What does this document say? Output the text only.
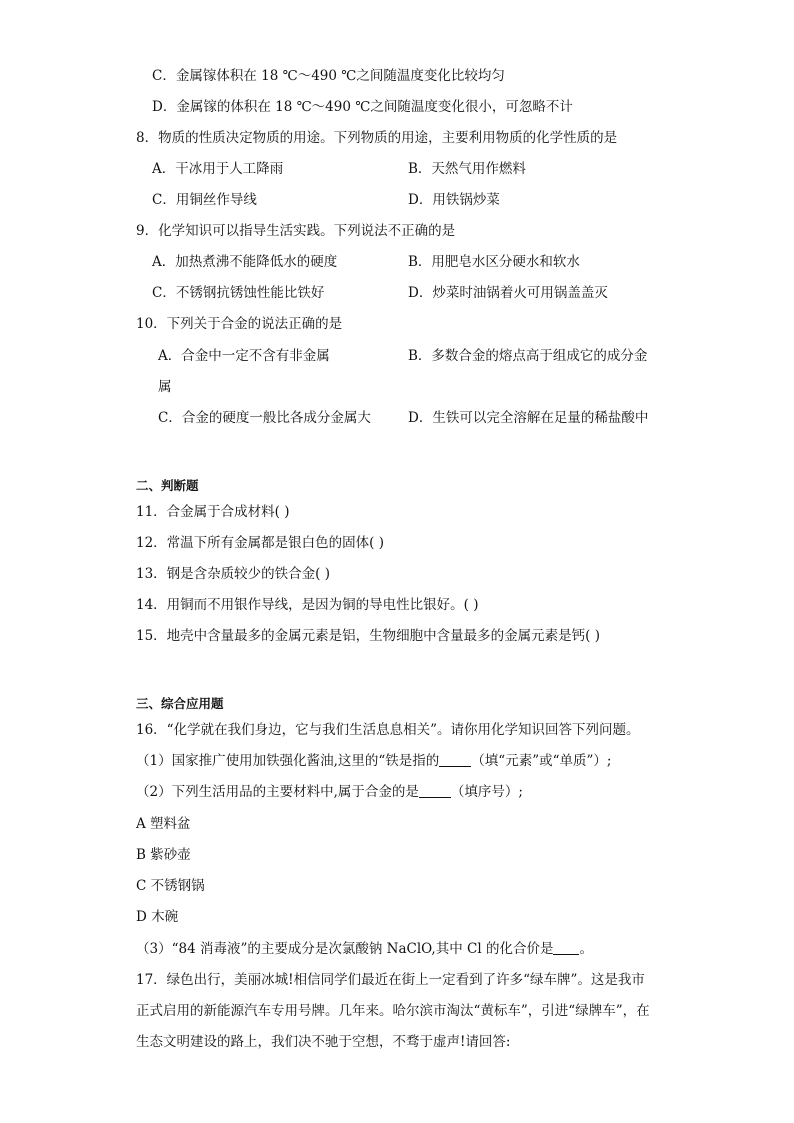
C．金属镓体积在 18 ℃～490 ℃之间随温度变化比较均匀
D．金属镓的体积在 18 ℃～490 ℃之间随温度变化很小，可忽略不计
8．物质的性质决定物质的用途。下列物质的用途，主要利用物质的化学性质的是
A．干冰用于人工降雨	B．天然气用作燃料
C．用铜丝作导线	D．用铁锅炒菜
9．化学知识可以指导生活实践。下列说法不正确的是
A．加热煮沸不能降低水的硬度	B．用肥皂水区分硬水和软水
C．不锈钢抗锈蚀性能比铁好	D．炒菜时油锅着火可用锅盖盖灭
10．下列关于合金的说法正确的是
A．合金中一定不含有非金属	B．多数合金的熔点高于组成它的成分金
属
C．合金的硬度一般比各成分金属大	D．生铁可以完全溶解在足量的稀盐酸中
二、判断题
11．合金属于合成材料( )
12．常温下所有金属都是银白色的固体( )
13．钢是含杂质较少的铁合金( )
14．用铜而不用银作导线，是因为铜的导电性比银好。( )
15．地壳中含量最多的金属元素是铝，生物细胞中含量最多的金属元素是钙( )
三、综合应用题
16．“化学就在我们身边，它与我们生活息息相关”。请你用化学知识回答下列问题。
（1）国家推广使用加铁强化酱油,这里的“铁是指的 （填“元素”或“单质”）;
（2）下列生活用品的主要材料中,属于合金的是 （填序号）;
A 塑料盆
B 紫砂壶
C 不锈钢锅
D 木碗
（3）“84 消毒液”的主要成分是次氯酸钠 NaClO,其中 Cl 的化合价是 。
17．绿色出行，美丽冰城!相信同学们最近在街上一定看到了许多“绿车牌”。这是我市
正式启用的新能源汽车专用号牌。几年来。哈尔滨市淘汰“黄标车”，引进“绿牌车”，在
生态文明建设的路上，我们决不驰于空想，不骛于虚声!请回答:
